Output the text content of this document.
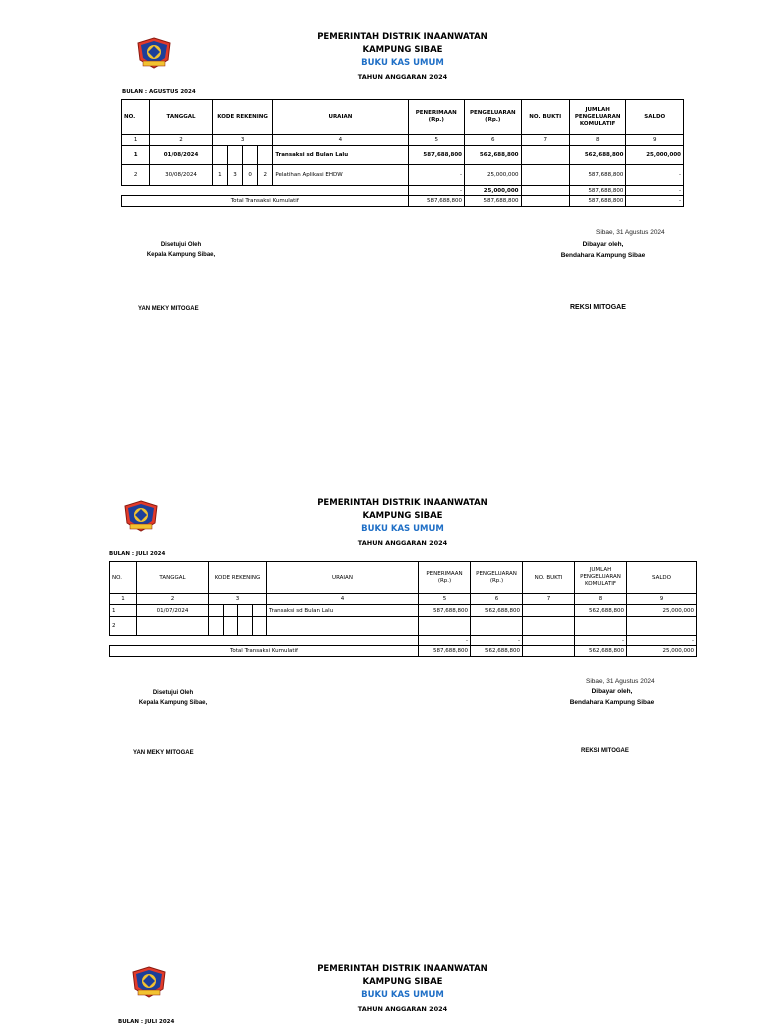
PEMERINTAH DISTRIK INAANWATAN
KAMPUNG SIBAE
BUKU KAS UMUM
TAHUN ANGGARAN 2024
BULAN : AGUSTUS 2024
NO.	TANGGAL	KODE REKENING	URAIAN	PENERIMAAN (Rp.)	PENGELUARAN (Rp.)	NO. BUKTI	JUMLAH PENGELUARAN KOMULATIF	SALDO
1	2	3	4	5	6	7	8	9
1	01/08/2024		Transaksi sd Bulan Lalu	587,688,800	562,688,800		562,688,800	25,000,000
2	30/08/2024	1 3 0 2	Pelatihan Aplikasi EHDW	-	25,000,000		587,688,800	-
				-	25,000,000		587,688,800	-
Total Transaksi Kumulatif				587,688,800	587,688,800		587,688,800	-
Sibae, 31 Agustus 2024
Disetujui Oleh
Kepala Kampung Sibae,
Dibayar oleh,
Bendahara Kampung Sibae
YAN MEKY MITOGAE	REKSI MITOGAE
PEMERINTAH DISTRIK INAANWATAN
KAMPUNG SIBAE
BUKU KAS UMUM
TAHUN ANGGARAN 2024
BULAN : JULI 2024
NO.	TANGGAL	KODE REKENING	URAIAN	PENERIMAAN (Rp.)	PENGELUARAN (Rp.)	NO. BUKTI	JUMLAH PENGELUARAN KOMULATIF	SALDO
1	2	3	4	5	6	7	8	9
1	01/07/2024		Transaksi sd Bulan Lalu	587,688,800	562,688,800		562,688,800	25,000,000
2		

				-	-		-	-
Total Transaksi Kumulatif				587,688,800	562,688,800		562,688,800	25,000,000
Sibae, 31 Agustus 2024
Disetujui Oleh
Kepala Kampung Sibae,
Dibayar oleh,
Bendahara Kampung Sibae
YAN MEKY MITOGAE	REKSI MITOGAE
PEMERINTAH DISTRIK INAANWATAN
KAMPUNG SIBAE
BUKU KAS UMUM
TAHUN ANGGARAN 2024
BULAN : JULI 2024
